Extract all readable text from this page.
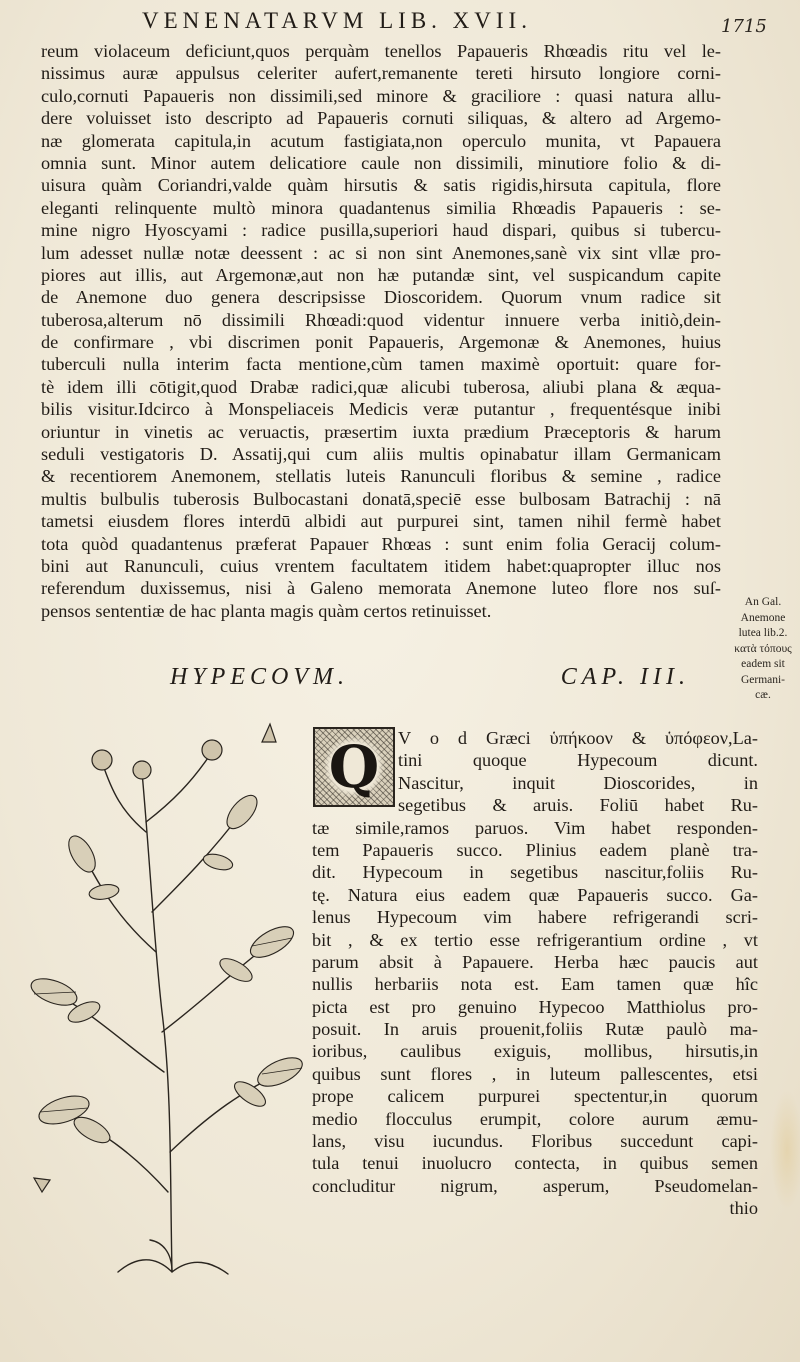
VENENATARVM LIB. XVII.	1715
reum violaceum deficiunt,quos perquàm tenellos Papaueris Rhœadis ritu vel le-
nissimus auræ appulsus celeriter aufert,remanente tereti hirsuto longiore corni-
culo,cornuti Papaueris non dissimili,sed minore & graciliore : quasi natura allu-
dere voluisset isto descripto ad Papaueris cornuti siliquas, & altero ad Argemo-
næ glomerata capitula,in acutum fastigiata,non operculo munita, vt Papauera
omnia sunt. Minor autem delicatiore caule non dissimili, minutiore folio & di-
uisura quàm Coriandri,valde quàm hirsutis & satis rigidis,hirsuta capitula, flore
eleganti relinquente multò minora quadantenus similia Rhœadis Papaueris : se-
mine nigro Hyoscyami : radice pusilla,superiori haud dispari, quibus si tubercu-
lum adesset nullæ notæ deessent : ac si non sint Anemones,sanè vix sint vllæ pro-
piores aut illis, aut Argemonæ,aut non hæ putandæ sint, vel suspicandum capite
de Anemone duo genera descripsisse Dioscoridem. Quorum vnum radice sit
tuberosa,alterum nō dissimili Rhœadi:quod videntur innuere verba initiò,dein-
de confirmare , vbi discrimen ponit Papaueris, Argemonæ & Anemones, huius
tuberculi nulla interim facta mentione,cùm tamen maximè oportuit: quare for-
tè idem illi cōtigit,quod Drabæ radici,quæ alicubi tuberosa, aliubi plana & æqua-
bilis visitur.Idcirco à Monspeliaceis Medicis veræ putantur , frequentésque inibi
oriuntur in vinetis ac veruactis, præsertim iuxta prædium Præceptoris & harum
seduli vestigatoris D. Assatij,qui cum aliis multis opinabatur illam Germanicam
& recentiorem Anemonem, stellatis luteis Ranunculi floribus & semine , radice
multis bulbulis tuberosis Bulbocastani donatā,speciē esse bulbosam Batrachij : nā
tametsi eiusdem flores interdū albidi aut purpurei sint, tamen nihil fermè habet
tota quòd quadantenus præferat Papauer Rhœas : sunt enim folia Geracij colum-
bini aut Ranunculi, cuius vrentem facultatem itidem habet:quapropter illuc nos
referendum duxissemus, nisi à Galeno memorata Anemone luteo flore nos suſ-
pensos sententiæ de hac planta magis quàm certos retinuisset.	An Gal.
Anemone
lutea lib.2.
κατὰ τόπους
eadem sit
Germani-
cæ.
HYPECOVM.	CAP. III.
Q	V o d Græci ὑπήκοον & ὑπόφεον,La-
tini quoque Hypecoum dicunt.
Nascitur, inquit Dioscorides, in
segetibus & aruis. Foliū habet Ru-
tæ simile,ramos paruos. Vim habet responden-
tem Papaueris succo. Plinius eadem planè tra-
dit. Hypecoum in segetibus nascitur,foliis Ru-
tę. Natura eius eadem quæ Papaueris succo. Ga-
lenus Hypecoum vim habere refrigerandi scri-
bit , & ex tertio esse refrigerantium ordine , vt
parum absit à Papauere. Herba hæc paucis aut
nullis herbariis nota est. Eam tamen quæ hîc
picta est pro genuino Hypecoo Matthiolus pro-
posuit. In aruis prouenit,foliis Rutæ paulò ma-
ioribus, caulibus exiguis, mollibus, hirsutis,in
quibus sunt flores , in luteum pallescentes, etsi
prope calicem purpurei spectentur,in quorum
medio flocculus erumpit, colore aurum æmu-
lans, visu iucundus. Floribus succedunt capi-
tula tenui inuolucro contecta, in quibus semen
concluditur nigrum, asperum, Pseudomelan-
thio
